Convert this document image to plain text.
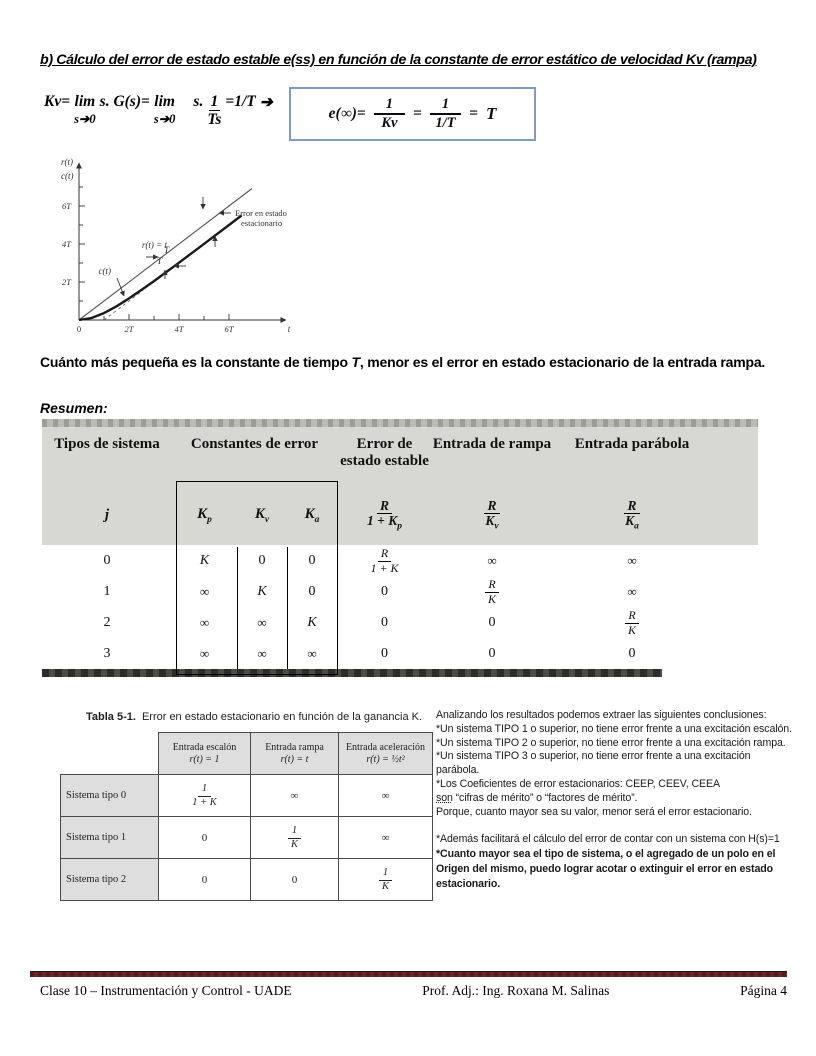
b) Cálculo del error de estado estable e(ss) en función de la constante de error estático de velocidad Kv (rampa)
Kv= lim
s➔0
s. G(s)= lim
s➔0
s. $\frac{1}{Ts} =1/T$ ➔
$e(\infty)= \frac{1}{Kv} = \frac{1}{1/T} = T$
r(t)
c(t)
6T
4T
2T
0	2T	4T	6T	t
r(t) = t
c(t)
Error en estado
estacionario
T
T
Cuánto más pequeña es la constante de tiempo T, menor es el error en estado estacionario de la entrada rampa.
Resumen:
Tipos de sistema	Constantes de error	Error de estado estable
Entrada de rampa	Entrada parábola
j	$K_p$	$K_v$	$K_a$	$\frac{R}{1 + K_p}$	$\frac{R}{K_v}$	$\frac{R}{K_a}$
0	K	0	0	$\frac{R}{1 + K}$	∞	∞
1	∞	K	0	0	$\frac{R}{K}$	∞
2	∞	∞	K	0	0	$\frac{R}{K}$
3	∞	∞	∞	0	0	0
Tabla 5-1. Error en estado estacionario en función de la ganancia K.

Entrada escalón
r(t) = 1

Entrada rampa
r(t) = t

Entrada aceleración
r(t) = ½t²

Sistema tipo 0	$\frac{1}{1 + K}$	∞	∞
Sistema tipo 1	0	$\frac{1}{K}$	∞
Sistema tipo 2	0	0	$\frac{1}{K}$
Analizando los resultados podemos extraer las siguientes conclusiones:
*Un sistema TIPO 1 o superior, no tiene error frente a una excitación escalón.
*Un sistema TIPO 2 o superior, no tiene error frente a una excitación rampa.
*Un sistema TIPO 3 o superior, no tiene error frente a una excitación parábola.
*Los Coeficientes de error estacionarios: CEEP, CEEV, CEEA
son “cifras de mérito” o “factores de mérito”.
Porque, cuanto mayor sea su valor, menor será el error estacionario.
*Además facilitará el cálculo del error de contar con un sistema con H(s)=1
*Cuanto mayor sea el tipo de sistema, o el agregado de un polo en el
Origen del mismo, puedo lograr acotar o extinguir el error en estado
estacionario.
Clase 10 – Instrumentación y Control - UADE	Prof. Adj.: Ing. Roxana M. Salinas	Página 4
